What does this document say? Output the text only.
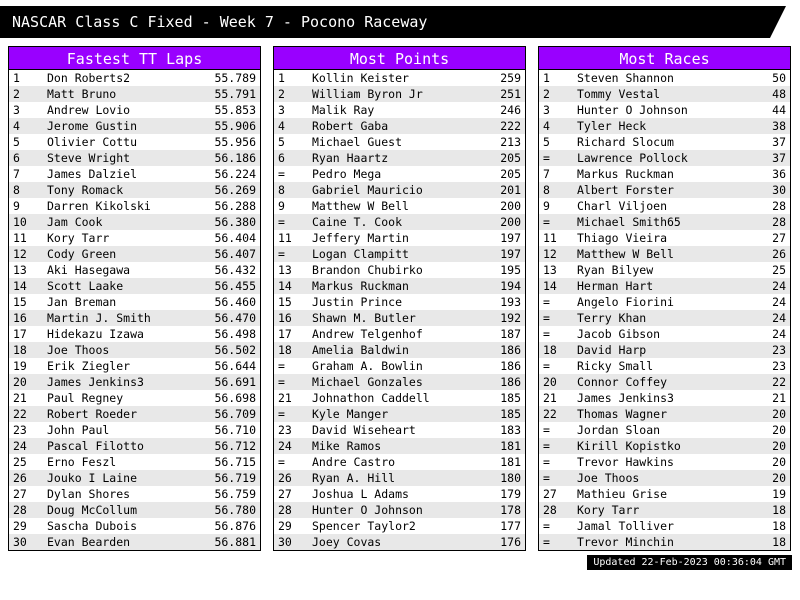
NASCAR Class C Fixed - Week 7 - Pocono Raceway
Fastest TT Laps
1	Don Roberts2	55.789
2	Matt Bruno	55.791
3	Andrew Lovio	55.853
4	Jerome Gustin	55.906
5	Olivier Cottu	55.956
6	Steve Wright	56.186
7	James Dalziel	56.224
8	Tony Romack	56.269
9	Darren Kikolski	56.288
10	Jam Cook	56.380
11	Kory Tarr	56.404
12	Cody Green	56.407
13	Aki Hasegawa	56.432
14	Scott Laake	56.455
15	Jan Breman	56.460
16	Martin J. Smith	56.470
17	Hidekazu Izawa	56.498
18	Joe Thoos	56.502
19	Erik Ziegler	56.644
20	James Jenkins3	56.691
21	Paul Regney	56.698
22	Robert Roeder	56.709
23	John Paul	56.710
24	Pascal Filotto	56.712
25	Erno Feszl	56.715
26	Jouko I Laine	56.719
27	Dylan Shores	56.759
28	Doug McCollum	56.780
29	Sascha Dubois	56.876
30	Evan Bearden	56.881
Most Points
1	Kollin Keister	259
2	William Byron Jr	251
3	Malik Ray	246
4	Robert Gaba	222
5	Michael Guest	213
6	Ryan Haartz	205
=	Pedro Mega	205
8	Gabriel Mauricio	201
9	Matthew W Bell	200
=	Caine T. Cook	200
11	Jeffery Martin	197
=	Logan Clampitt	197
13	Brandon Chubirko	195
14	Markus Ruckman	194
15	Justin Prince	193
16	Shawn M. Butler	192
17	Andrew Telgenhof	187
18	Amelia Baldwin	186
=	Graham A. Bowlin	186
=	Michael Gonzales	186
21	Johnathon Caddell	185
=	Kyle Manger	185
23	David Wiseheart	183
24	Mike Ramos	181
=	Andre Castro	181
26	Ryan A. Hill	180
27	Joshua L Adams	179
28	Hunter O Johnson	178
29	Spencer Taylor2	177
30	Joey Covas	176
Most Races
1	Steven Shannon	50
2	Tommy Vestal	48
3	Hunter O Johnson	44
4	Tyler Heck	38
5	Richard Slocum	37
=	Lawrence Pollock	37
7	Markus Ruckman	36
8	Albert Forster	30
9	Charl Viljoen	28
=	Michael Smith65	28
11	Thiago Vieira	27
12	Matthew W Bell	26
13	Ryan Bilyew	25
14	Herman Hart	24
=	Angelo Fiorini	24
=	Terry Khan	24
=	Jacob Gibson	24
18	David Harp	23
=	Ricky Small	23
20	Connor Coffey	22
21	James Jenkins3	21
22	Thomas Wagner	20
=	Jordan Sloan	20
=	Kirill Kopistko	20
=	Trevor Hawkins	20
=	Joe Thoos	20
27	Mathieu Grise	19
28	Kory Tarr	18
=	Jamal Tolliver	18
=	Trevor Minchin	18
Updated 22-Feb-2023 00:36:04 GMT
